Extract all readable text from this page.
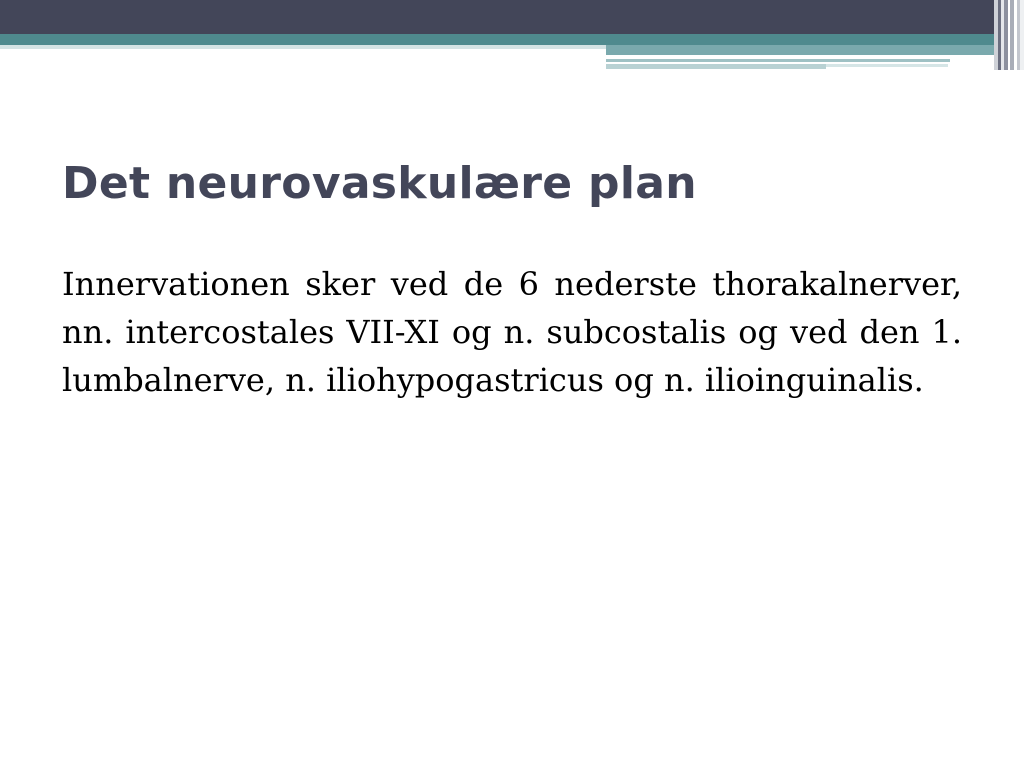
Det neurovaskulære plan

Innervationen sker ved de 6 nederste thorakalnerver, nn. intercostales VII-XI og n. subcostalis og ved den 1. lumbalnerve, n. iliohypogastricus og n. ilioinguinalis.
